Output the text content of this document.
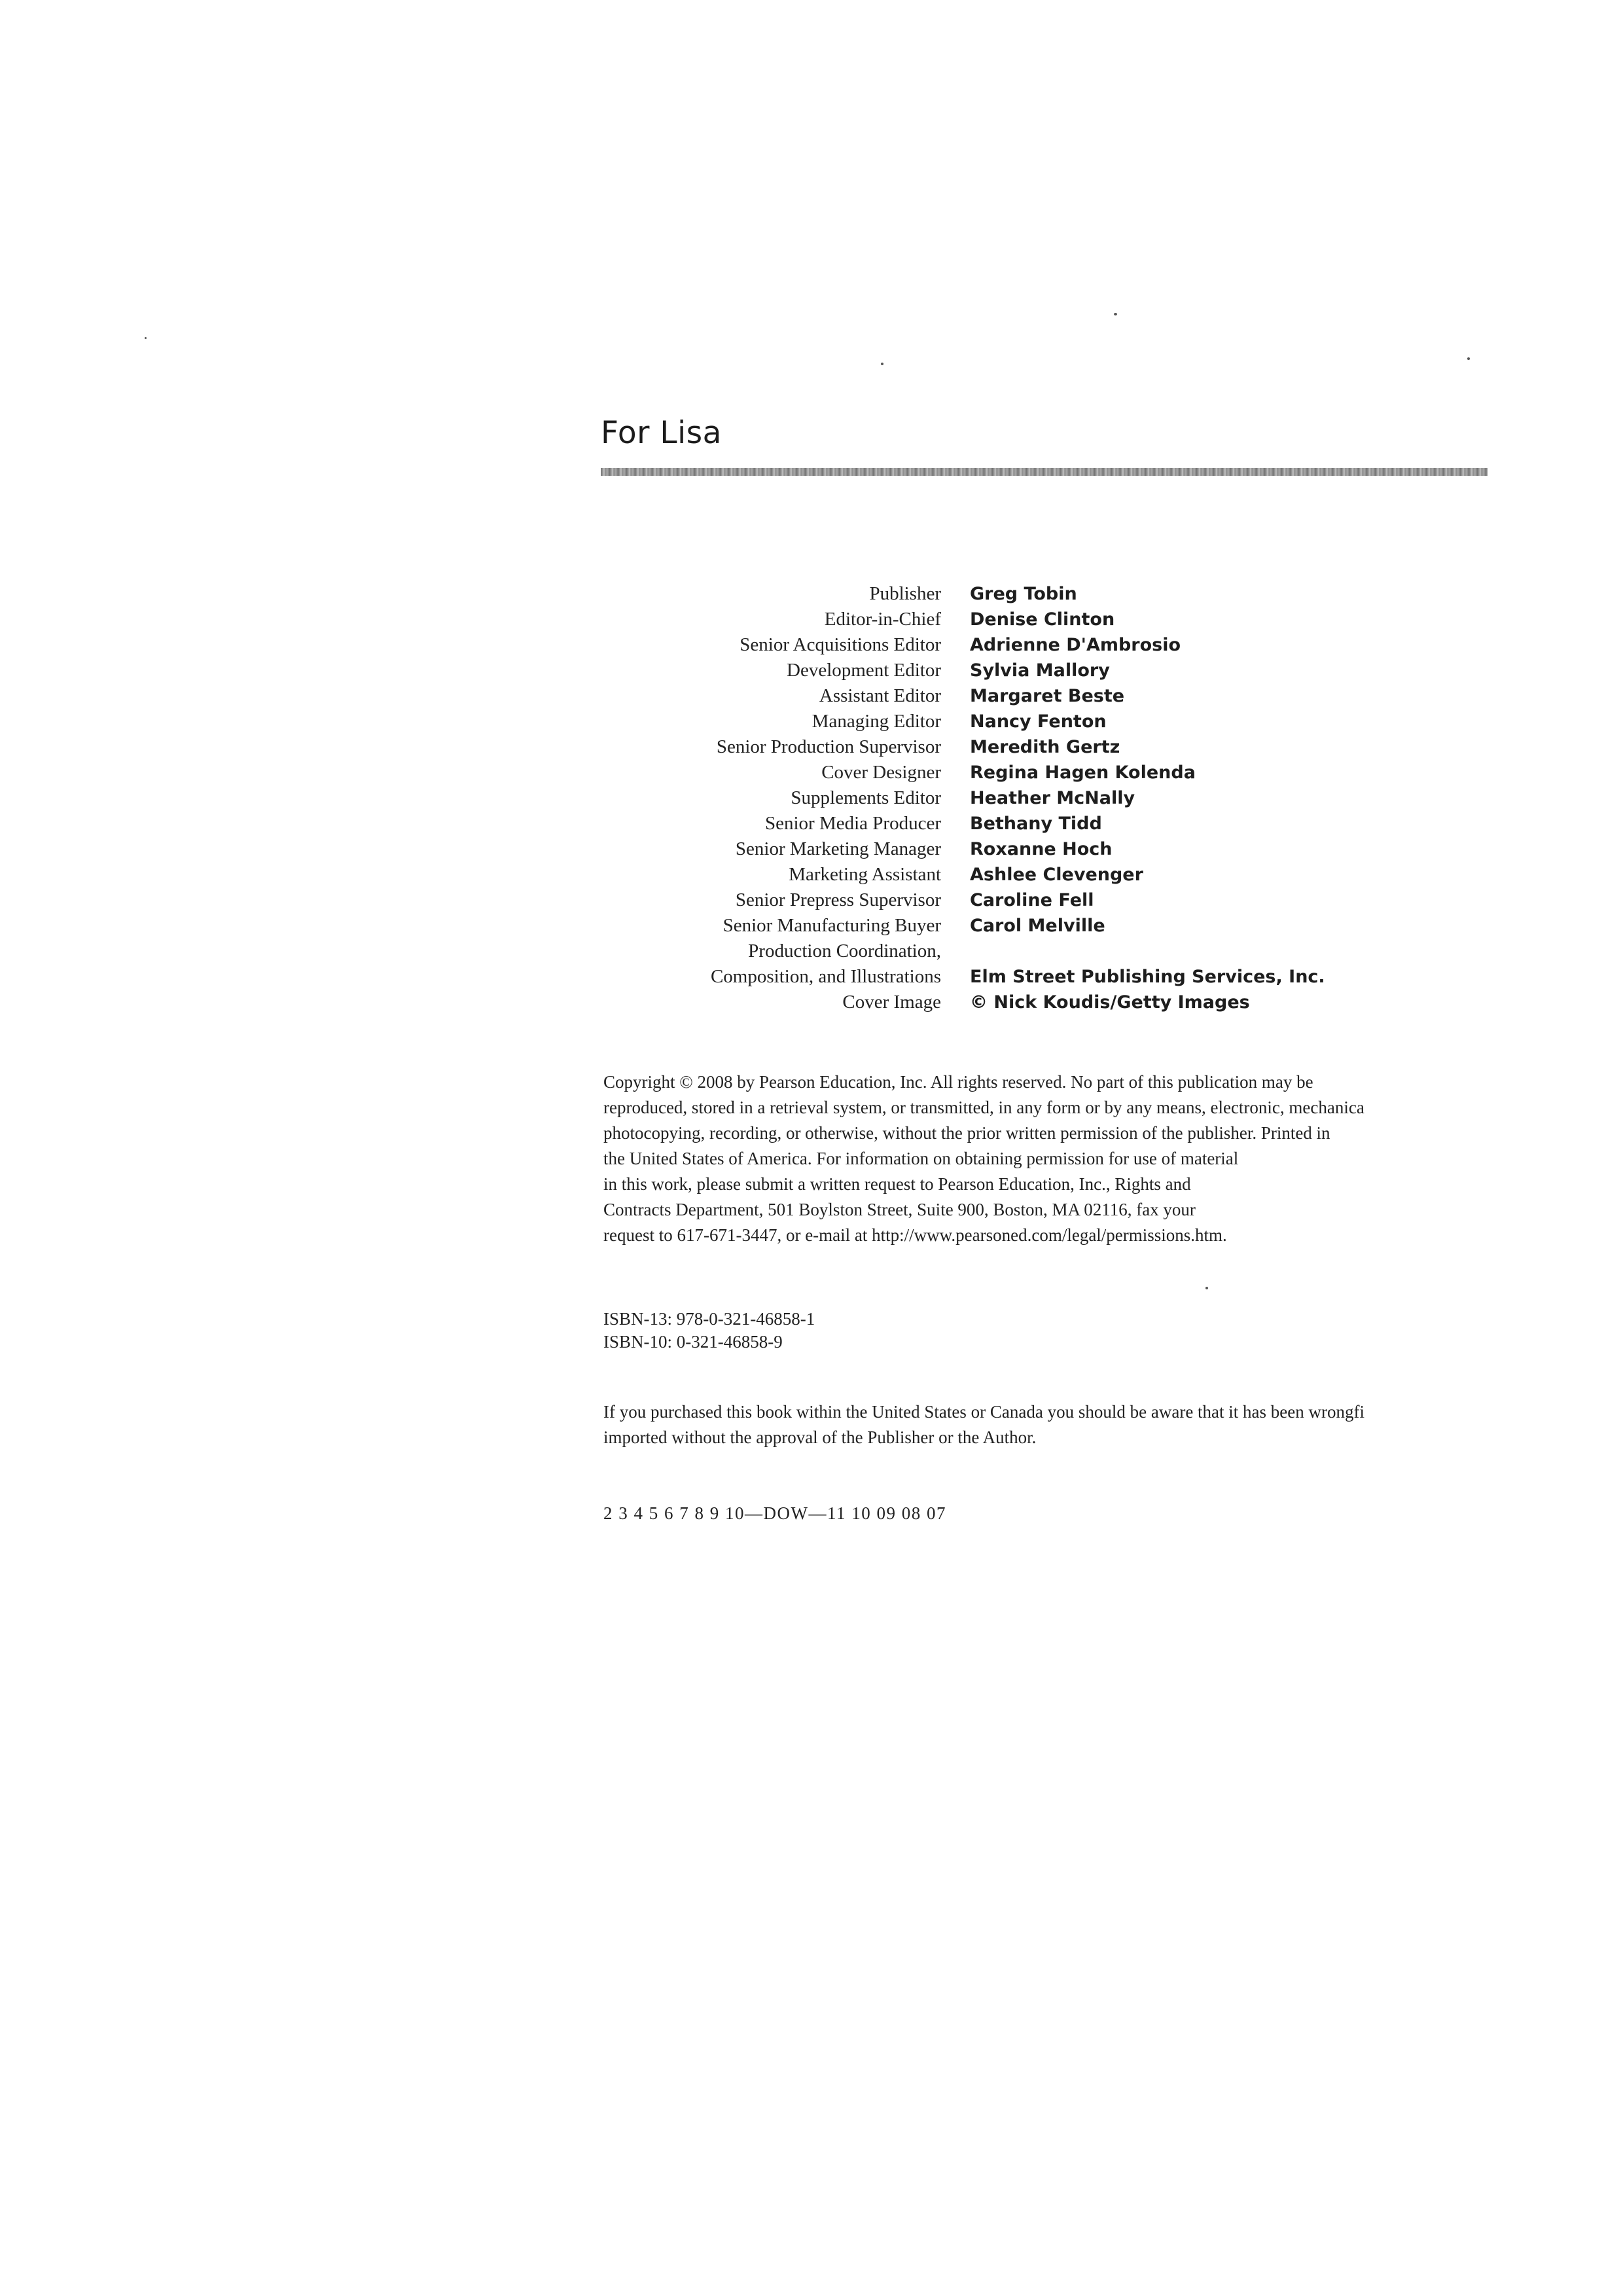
For Lisa
Publisher Greg Tobin
Editor-in-Chief Denise Clinton
Senior Acquisitions Editor Adrienne D'Ambrosio
Development Editor Sylvia Mallory
Assistant Editor Margaret Beste
Managing Editor Nancy Fenton
Senior Production Supervisor Meredith Gertz
Cover Designer Regina Hagen Kolenda
Supplements Editor Heather McNally
Senior Media Producer Bethany Tidd
Senior Marketing Manager Roxanne Hoch
Marketing Assistant Ashlee Clevenger
Senior Prepress Supervisor Caroline Fell
Senior Manufacturing Buyer Carol Melville
Production Coordination,
Composition, and Illustrations Elm Street Publishing Services, Inc.
Cover Image © Nick Koudis/Getty Images
Copyright © 2008 by Pearson Education, Inc. All rights reserved. No part of this publication may be
reproduced, stored in a retrieval system, or transmitted, in any form or by any means, electronic, mechanica
photocopying, recording, or otherwise, without the prior written permission of the publisher. Printed in
the United States of America. For information on obtaining permission for use of material
in this work, please submit a written request to Pearson Education, Inc., Rights and
Contracts Department, 501 Boylston Street, Suite 900, Boston, MA 02116, fax your
request to 617-671-3447, or e-mail at http://www.pearsoned.com/legal/permissions.htm.
ISBN-13: 978-0-321-46858-1
ISBN-10: 0-321-46858-9
If you purchased this book within the United States or Canada you should be aware that it has been wrongfi
imported without the approval of the Publisher or the Author.
2 3 4 5 6 7 8 9 10—DOW—11 10 09 08 07
